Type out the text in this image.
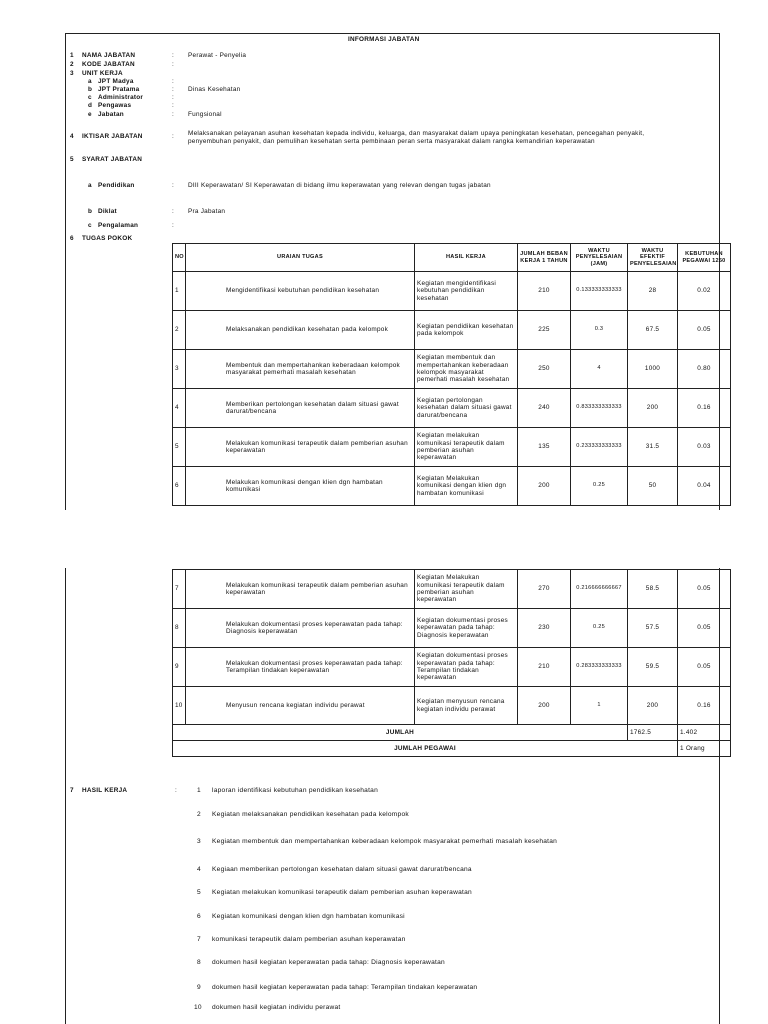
INFORMASI JABATAN
1 NAMA JABATAN	: Perawat - Penyelia
2 KODE JABATAN	:
3 UNIT KERJA
a JPT Madya	:
b JPT Pratama	: Dinas Kesehatan
c Administrator	:
d Pengawas	:
e Jabatan	: Fungsional
4 IKTISAR JABATAN	: Melaksanakan pelayanan asuhan kesehatan kepada individu, keluarga, dan masyarakat dalam upaya peningkatan kesehatan, pencegahan penyakit,
penyembuhan penyakit, dan pemulihan kesehatan serta pembinaan peran serta masyarakat dalam rangka kemandirian keperawatan
5 SYARAT JABATAN
a Pendidikan	: DIII Keperawatan/ SI Keperawatan di bidang ilmu keperawatan yang relevan dengan tugas jabatan
b Diklat	: Pra Jabatan
c Pengalaman	:
6 TUGAS POKOK
NO	URAIAN TUGAS	HASIL KERJA	JUMLAH BEBAN KERJA 1 TAHUN	WAKTU PENYELESAIAN (JAM)	WAKTU EFEKTIF PENYELESAIAN	KEBUTUHAN PEGAWAI 1250
1	Mengidentifikasi kebutuhan pendidikan kesehatan	Kegiatan mengidentifikasi kebutuhan pendidikan kesehatan	210	0.133333333333	28	0.02
2	Melaksanakan pendidikan kesehatan pada kelompok	Kegiatan pendidikan kesehatan pada kelompok	225	0.3	67.5	0.05
3	Membentuk dan mempertahankan keberadaan kelompok masyarakat pemerhati masalah kesehatan	Kegiatan membentuk dan mempertahankan keberadaan kelompok masyarakat pemerhati masalah kesehatan	250	4	1000	0.80
4	Memberikan pertolongan kesehatan dalam situasi gawat darurat/bencana	Kegiatan pertolongan kesehatan dalam situasi gawat darurat/bencana	240	0.833333333333	200	0.16
5	Melakukan komunikasi terapeutik dalam pemberian asuhan keperawatan	Kegiatan melakukan komunikasi terapeutik dalam pemberian asuhan keperawatan	135	0.233333333333	31.5	0.03
6	Melakukan komunikasi dengan klien dgn hambatan komunikasi	Kegiatan Melakukan komunikasi dengan klien dgn hambatan komunikasi	200	0.25	50	0.04
7	Melakukan komunikasi terapeutik dalam pemberian asuhan keperawatan	Kegiatan Melakukan komunikasi terapeutik dalam pemberian asuhan keperawatan	270	0.216666666667	58.5	0.05
8	Melakukan dokumentasi proses keperawatan pada tahap: Diagnosis keperawatan	Kegiatan dokumentasi proses keperawatan pada tahap: Diagnosis keperawatan	230	0.25	57.5	0.05
9	Melakukan dokumentasi proses keperawatan pada tahap: Terampilan tindakan keperawatan	Kegiatan dokumentasi proses keperawatan pada tahap: Terampilan tindakan keperawatan	210	0.283333333333	59.5	0.05
10	Menyusun rencana kegiatan individu perawat	Kegiatan menyusun rencana kegiatan individu perawat	200	1	200	0.16
JUMLAH					1762.5	1.402
JUMLAH PEGAWAI						1 Orang
7 HASIL KERJA	:	1 laporan identifikasi kebutuhan pendidikan kesehatan
2 Kegiatan melaksanakan pendidikan kesehatan pada kelompok
3 Kegiatan membentuk dan mempertahankan keberadaan kelompok masyarakat pemerhati masalah kesehatan
4 Kegiaan memberikan pertolongan kesehatan dalam situasi gawat darurat/bencana
5 Kegiatan melakukan komunikasi terapeutik dalam pemberian asuhan keperawatan
6 Kegiatan komunikasi dengan klien dgn hambatan komunikasi
7 komunikasi terapeutik dalam pemberian asuhan keperawatan
8 dokumen hasil kegiatan keperawatan pada tahap: Diagnosis keperawatan
9 dokumen hasil kegiatan keperawatan pada tahap: Terampilan tindakan keperawatan
10 dokumen hasil kegiatan individu perawat
